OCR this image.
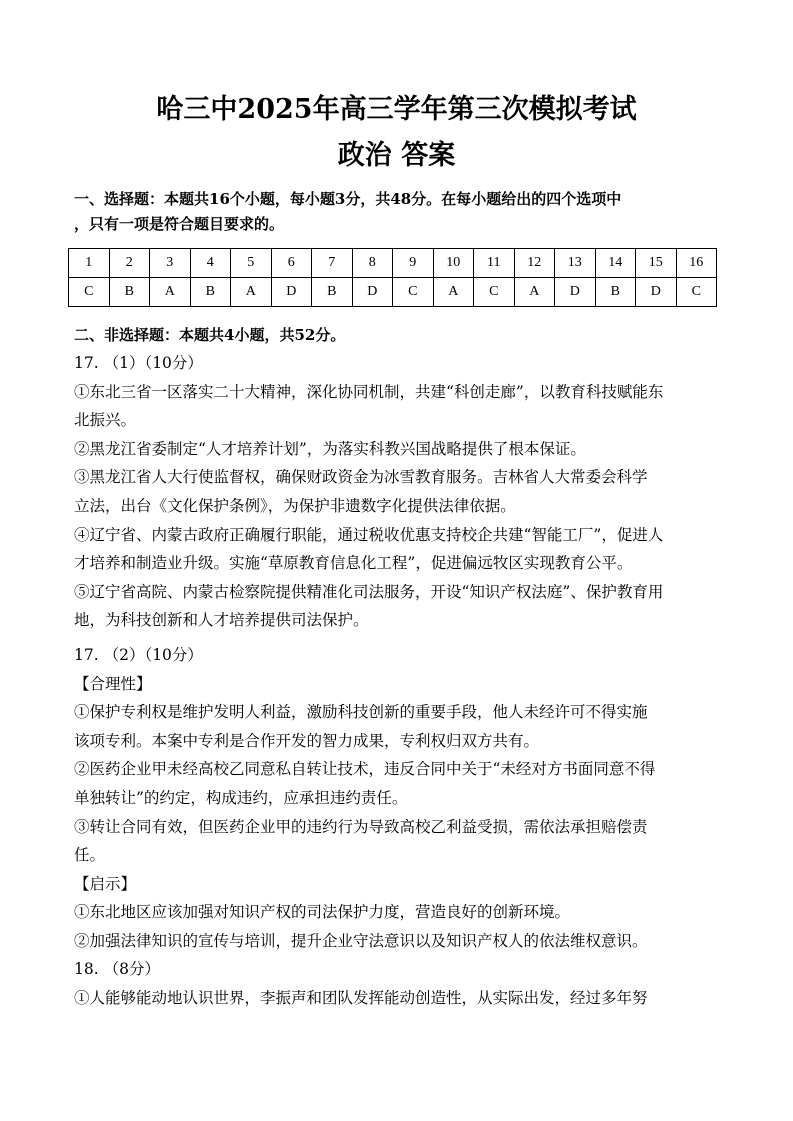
哈三中2025年高三学年第三次模拟考试
政治 答案
一、选择题：本题共16个小题，每小题3分，共48分。在每小题给出的四个选项中
，只有一项是符合题目要求的。
1	2	3	4	5	6	7	8	9	10	11	12	13	14	15	16
C	B	A	B	A	D	B	D	C	A	C	A	D	B	D	C
二、非选择题：本题共4小题，共52分。
17. （1）（10分）
①东北三省一区落实二十大精神，深化协同机制，共建“科创走廊”，以教育科技赋能东
北振兴。
②黑龙江省委制定“人才培养计划”，为落实科教兴国战略提供了根本保证。
③黑龙江省人大行使监督权，确保财政资金为冰雪教育服务。吉林省人大常委会科学
立法，出台《文化保护条例》，为保护非遗数字化提供法律依据。
④辽宁省、内蒙古政府正确履行职能，通过税收优惠支持校企共建“智能工厂”，促进人
才培养和制造业升级。实施“草原教育信息化工程”，促进偏远牧区实现教育公平。
⑤辽宁省高院、内蒙古检察院提供精准化司法服务，开设“知识产权法庭”、保护教育用
地，为科技创新和人才培养提供司法保护。
17. （2）（10分）
【合理性】
①保护专利权是维护发明人利益，激励科技创新的重要手段，他人未经许可不得实施
该项专利。本案中专利是合作开发的智力成果，专利权归双方共有。
②医药企业甲未经高校乙同意私自转让技术，违反合同中关于“未经对方书面同意不得
单独转让”的约定，构成违约，应承担违约责任。
③转让合同有效，但医药企业甲的违约行为导致高校乙利益受损，需依法承担赔偿责
任。
【启示】
①东北地区应该加强对知识产权的司法保护力度，营造良好的创新环境。
②加强法律知识的宣传与培训，提升企业守法意识以及知识产权人的依法维权意识。
18. （8分）
①人能够能动地认识世界，李振声和团队发挥能动创造性，从实际出发，经过多年努
